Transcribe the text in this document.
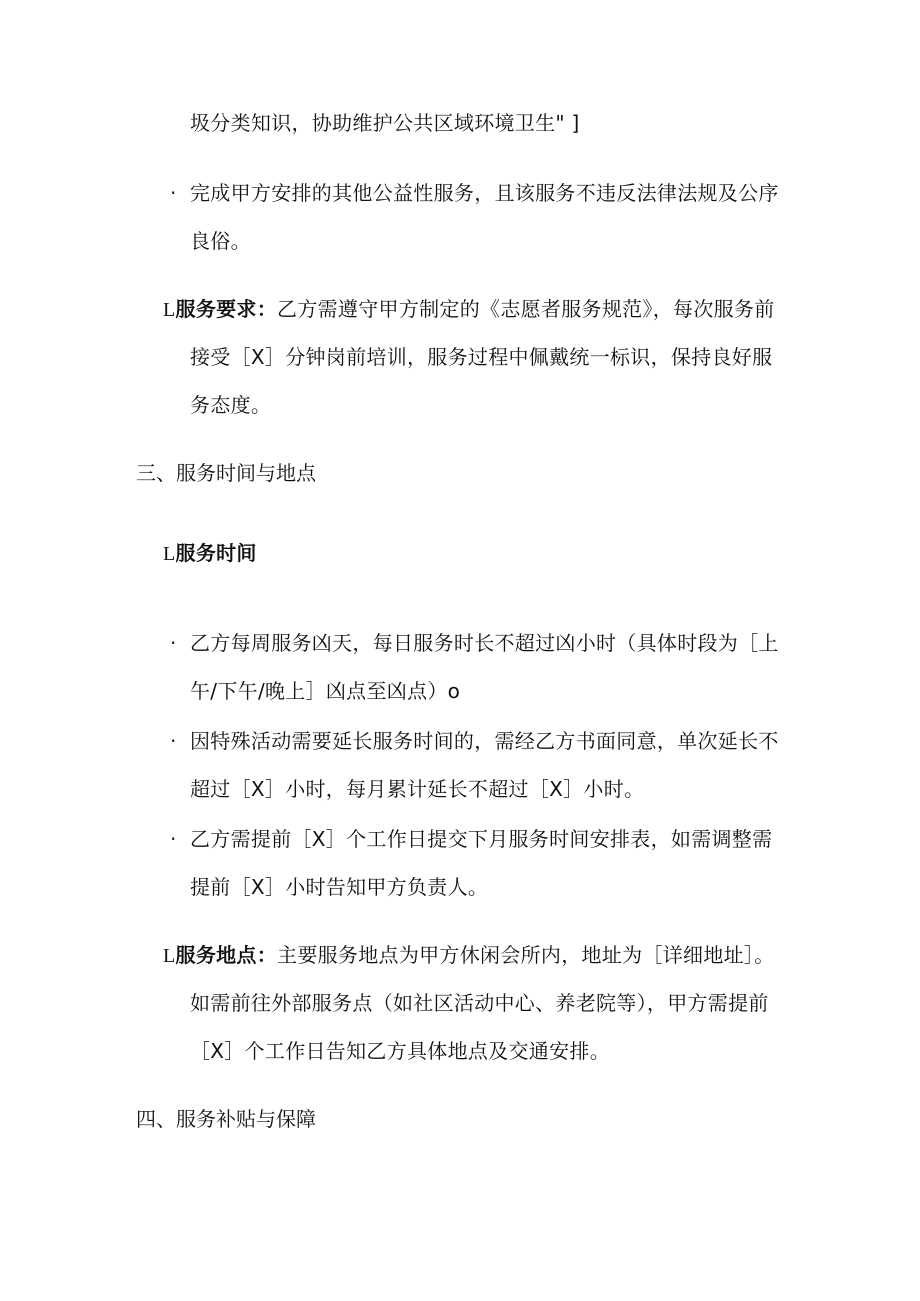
圾分类知识，协助维护公共区域环境卫生" ]
· 完成甲方安排的其他公益性服务，且该服务不违反法律法规及公序
良俗。
L服务要求：乙方需遵守甲方制定的《志愿者服务规范》，每次服务前
接受［X］分钟岗前培训，服务过程中佩戴统一标识，保持良好服
务态度。
三、服务时间与地点
L服务时间
· 乙方每周服务凶天，每日服务时长不超过凶小时（具体时段为［上
午/下午/晚上］凶点至凶点）o
· 因特殊活动需要延长服务时间的，需经乙方书面同意，单次延长不
超过［X］小时，每月累计延长不超过［X］小时。
· 乙方需提前［X］个工作日提交下月服务时间安排表，如需调整需
提前［X］小时告知甲方负责人。
L服务地点：主要服务地点为甲方休闲会所内，地址为［详细地址］。
如需前往外部服务点（如社区活动中心、养老院等），甲方需提前
［X］个工作日告知乙方具体地点及交通安排。
四、服务补贴与保障
